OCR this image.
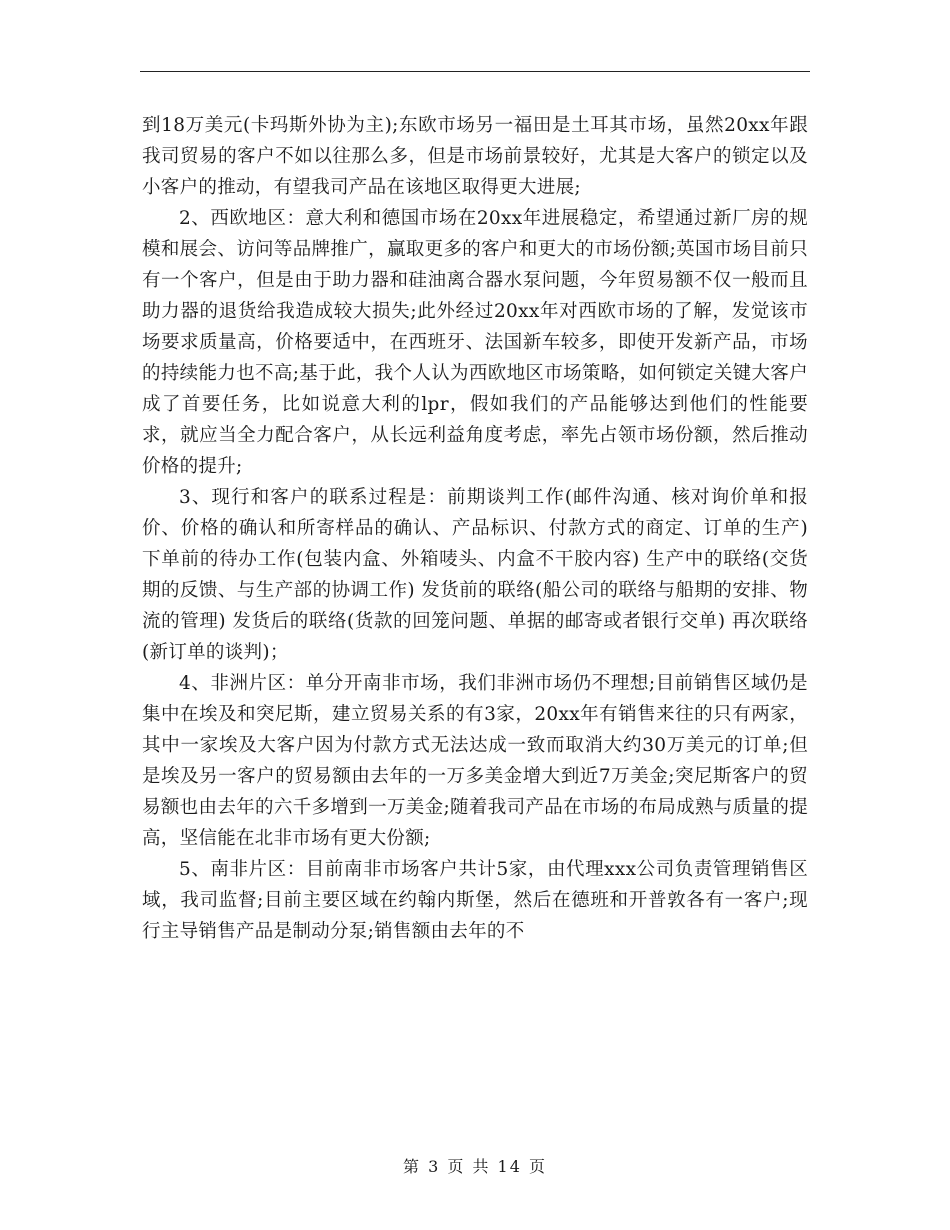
到18万美元(卡玛斯外协为主);东欧市场另一福田是土耳其市场，虽然20xx年跟我司贸易的客户不如以往那么多，但是市场前景较好，尤其是大客户的锁定以及小客户的推动，有望我司产品在该地区取得更大进展;

2、西欧地区：意大利和德国市场在20xx年进展稳定，希望通过新厂房的规模和展会、访问等品牌推广，赢取更多的客户和更大的市场份额;英国市场目前只有一个客户，但是由于助力器和硅油离合器水泵问题，今年贸易额不仅一般而且助力器的退货给我造成较大损失;此外经过20xx年对西欧市场的了解，发觉该市场要求质量高，价格要适中，在西班牙、法国新车较多，即使开发新产品，市场的持续能力也不高;基于此，我个人认为西欧地区市场策略，如何锁定关键大客户成了首要任务，比如说意大利的lpr，假如我们的产品能够达到他们的性能要求，就应当全力配合客户，从长远利益角度考虑，率先占领市场份额，然后推动价格的提升;

3、现行和客户的联系过程是：前期谈判工作(邮件沟通、核对询价单和报价、价格的确认和所寄样品的确认、产品标识、付款方式的商定、订单的生产) 下单前的待办工作(包装内盒、外箱唛头、内盒不干胶内容) 生产中的联络(交货期的反馈、与生产部的协调工作) 发货前的联络(船公司的联络与船期的安排、物流的管理) 发货后的联络(货款的回笼问题、单据的邮寄或者银行交单) 再次联络(新订单的谈判)；

4、非洲片区：单分开南非市场，我们非洲市场仍不理想;目前销售区域仍是集中在埃及和突尼斯，建立贸易关系的有3家，20xx年有销售来往的只有两家，其中一家埃及大客户因为付款方式无法达成一致而取消大约30万美元的订单;但是埃及另一客户的贸易额由去年的一万多美金增大到近7万美金;突尼斯客户的贸易额也由去年的六千多增到一万美金;随着我司产品在市场的布局成熟与质量的提高，坚信能在北非市场有更大份额;

5、南非片区：目前南非市场客户共计5家，由代理xxx公司负责管理销售区域，我司监督;目前主要区域在约翰内斯堡，然后在德班和开普敦各有一客户;现行主导销售产品是制动分泵;销售额由去年的不

第 3 页 共 14 页
